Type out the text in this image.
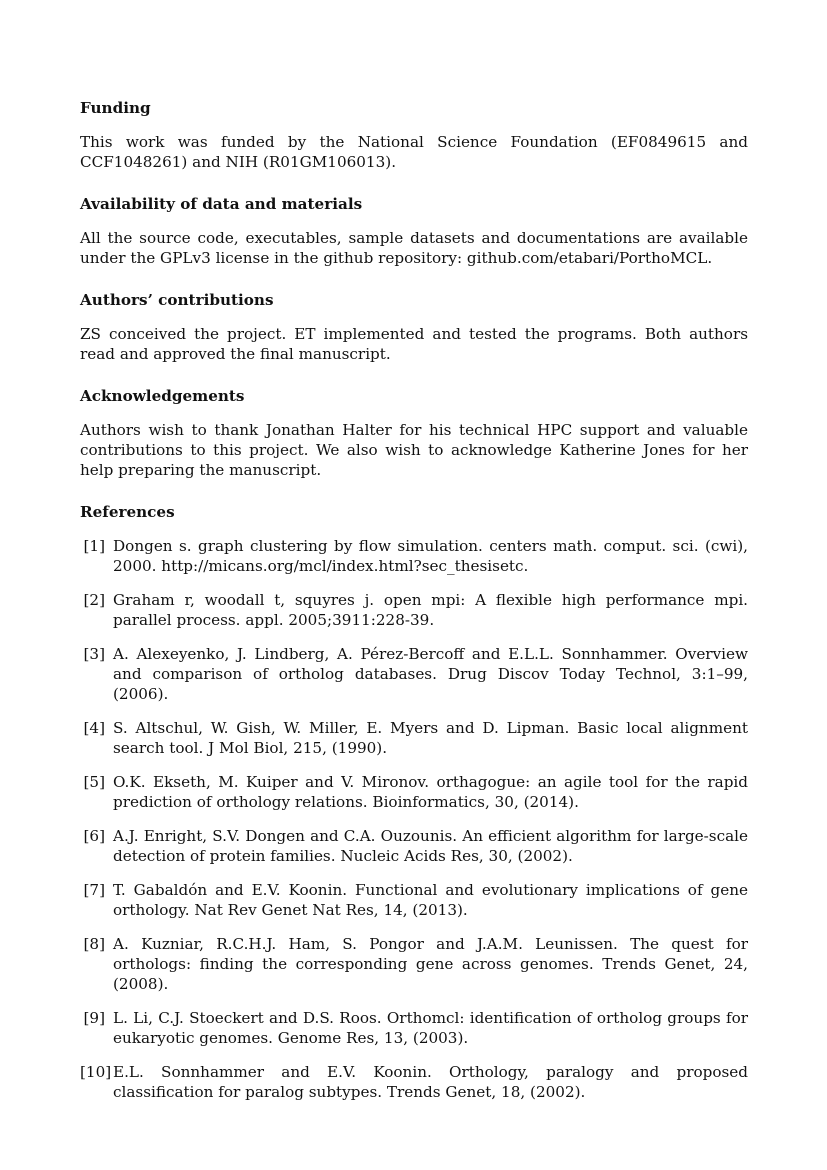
Funding

This work was funded by the National Science Foundation (EF0849615 and CCF1048261) and NIH (R01GM106013).

Availability of data and materials

All the source code, executables, sample datasets and documentations are available under the GPLv3 license in the github repository: github.com/etabari/PorthoMCL.

Authors’ contributions

ZS conceived the project. ET implemented and tested the programs. Both authors read and approved the final manuscript.

Acknowledgements

Authors wish to thank Jonathan Halter for his technical HPC support and valuable contributions to this project. We also wish to acknowledge Katherine Jones for her help preparing the manuscript.

References
[1] Dongen s. graph clustering by flow simulation. centers math. comput. sci. (cwi), 2000. http://micans.org/mcl/index.html?sec_thesisetc.
[2] Graham r, woodall t, squyres j. open mpi: A flexible high performance mpi. parallel process. appl. 2005;3911:228-39.
[3] A. Alexeyenko, J. Lindberg, A. Pérez-Bercoff and E.L.L. Sonnhammer. Overview and comparison of ortholog databases. Drug Discov Today Technol, 3:1–99, (2006).
[4] S. Altschul, W. Gish, W. Miller, E. Myers and D. Lipman. Basic local alignment search tool. J Mol Biol, 215, (1990).
[5] O.K. Ekseth, M. Kuiper and V. Mironov. orthagogue: an agile tool for the rapid prediction of orthology relations. Bioinformatics, 30, (2014).
[6] A.J. Enright, S.V. Dongen and C.A. Ouzounis. An efficient algorithm for large-scale detection of protein families. Nucleic Acids Res, 30, (2002).
[7] T. Gabaldón and E.V. Koonin. Functional and evolutionary implications of gene orthology. Nat Rev Genet Nat Res, 14, (2013).
[8] A. Kuzniar, R.C.H.J. Ham, S. Pongor and J.A.M. Leunissen. The quest for orthologs: finding the corresponding gene across genomes. Trends Genet, 24, (2008).
[9] L. Li, C.J. Stoeckert and D.S. Roos. Orthomcl: identification of ortholog groups for eukaryotic genomes. Genome Res, 13, (2003).
[10] E.L. Sonnhammer and E.V. Koonin. Orthology, paralogy and proposed classification for paralog subtypes. Trends Genet, 18, (2002).
